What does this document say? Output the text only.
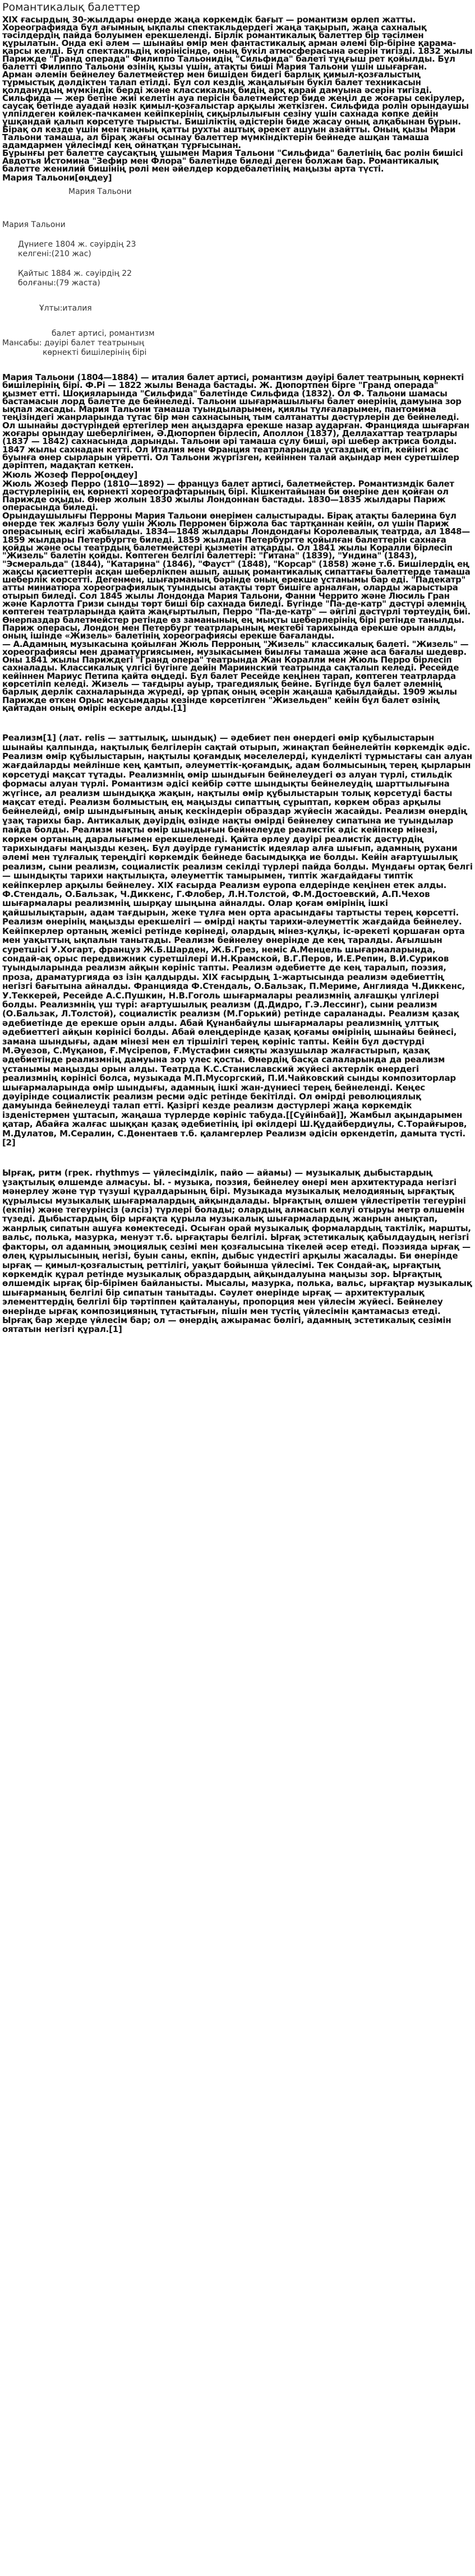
Романтикалық балеттер

XIX ғасырдың 30-жылдары өнерде жаңа көркемдік бағыт — романтизм өрлеп жатты. Хореографияда бұл ағымның ықпалы спектакльдердегі жаңа тақырып, жаңа сахналық тәсілдердің пайда болуымен ерекшеленді. Бірлік романтикалық балеттер бір тәсілмен құрылатын. Онда екі әлем — шынайы өмір мен фантастикалық арман әлемі бір-біріне қарама-қарсы келді. Бұл спектакльдің көрінісінде, оның бүкіл атмосферасына әсерін тигізді. 1832 жылы Парижде "Гранд операда" Филиппо Тальонидің "Сильфида" балеті тұңғыш рет қойылды. Бұл балетті Филиппо Тальони өзінің қызы үшін, атақты биші Мария Тальони үшін шығарған.

Арман әлемін бейнелеу балетмейстер мен бишіден бидегі барлық қимыл-қозғалыстың тұрмыстық дәлдіктен талап етілді. Бұл сол кездің жаңалығын бүкіл балет техникасын қолданудың мүмкіндік берді және классикалық бидің арқ қарай дамуына әсерін тигізді.

Сильфида — жер бетіне жиі келетін ауа перісін балетмейстер биде жеңіл де жоғары секірулер, саусақ бетінде ауадай нәзік қимыл-қозғалыстар арқылы жеткізген. Сильфида ролін орындаушы үлпілдеген көйлек-пачкамен кейіпкерінің сиқырлылығын сезіну үшін сахнада көпке дейін ұшқандай қалып көрсетуге тырысты. Бишіліктің әдістерін биде жасау оның алқабынан бұрын. Бірақ ол кезде үшін мен таңның қатты рухты аштық әрекет ашуын азайтты. Оның қызы Мари Тальони тамаша, ал бірақ жағы осынау балеттер мүмкіндіктерін бейнеде ашқан тамаша адамдармен үйлесімді кең ойнатқан тұрғысынан.

Бұрынғы рет балетте саусақтың ұшымен Мария Тальони "Сильфида" балетінің бас ролін бишісі Авдотья Истомина "Зефир мен Флора" балетінде биледі деген болжам бар. Романтикалық балетте женилий бишінің рөлі мен әйелдер кордебалетінің маңызы арта түсті.

Мария Тальони[өңдеу]

Мария Тальони
Мария Тальони
Дүниеге 1804 ж. сәуірдің 23
келгені:(210 жас)
Қайтыс 1884 ж. сәуірдің 22
болғаны:(79 жаста)
Ұлты:италия
балет артисі, романтизм
Мансабы: дәуірі балет театрының
көрнекті бишілерінің бірі

Мария Тальони (1804—1884) — италия балет артисі, романтизм дәуірі балет театрының көрнекті бишілерінің бірі. Ф.Рі — 1822 жылы Венада бастады. Ж. Дюпортпен бірге "Гранд операда" қызмет етті. Шоқияларында "Сильфида" балетінде Сильфида (1832). Ол Ф. Тальони шамасы бастамасын лорд балетте де бейнеледі. Тальони шығармашылығы балет өнерінің дамуына зор ықпал жасады. Мария Тальони тамаша туындыларымен, қиялы тұлғаларымен, пантомима теңізіндегі жанрларында тұтас бір мән сахнасының тым салтанатты дәстүрлерін де бейнеледі. Ол шынайы дәстүріндей ертегілер мен аңыздарға ерекше назар аударған. Францияда шығарған жоғары орындау шеберлігімен, Ә.Дюпорпен бірлесіп, Аполлон (1837), Деллахаттар театрлары (1837 — 1842) сахнасында дарынды. Тальони әрі тамаша сұлу биші, әрі шебер актриса болды. 1847 жылы сахнадан кетті. Ол Италия мен Франция театрларында ұстаздық етіп, кейінгі жас буынға өнер сырларын үйретті. Ол Тальони жүргізген, кейіннен талай ақындар мен суретшілер дәріптеп, мадақтап кеткен.

Жюль Жозеф Перро[өңдеу]

Жюль Жозеф Перро (1810—1892) — француз балет артисі, балетмейстер. Романтизмдік балет дәстүрлерінің ең көрнекті хореографтарының бірі. Кішкентайынан би өнеріне ден қойған ол Парижде оқыды. Өнер жолын 1830 жылы Лондоннан бастады. 1830—1835 жылдары Париж операсында биледі.

Орындаушылығы Перроны Мария Тальони өнерімен салыстырады. Бірақ атақты балерина бұл өнерде тек жалғыз болу үшін Жюль Перромен біржола бас тартқаннан кейін, ол үшін Париж операсының есігі жабылады. 1834—1848 жылдары Лондондағы Королевалық театрда, ал 1848—1859 жылдары Петербургте биледі. 1859 жылдан Петербургте қойылған балеттерін сахнаға қойды және осы театрдың балетмейстері қызметін атқарды. Ол 1841 жылы Коралли бірлесіп "Жизель" балетін қойды. Көптеген белгілі балеттері: "Гитана" (1839), "Ундина" (1843), "Эсмеральда" (1844), "Катарина" (1846), "Фауст" (1848), "Корсар" (1858) және т.б. Бишілердің ең жақсы қасиеттерін асқан шеберлікпен ашып, ашық романтикалық сипаттағы балеттерде тамаша шеберлік көрсетті. Дегенмен, шығарманың бәрінде оның ерекше ұстанымы бар еді. "Падекатр" атты миниатюра хореографиялық туындысы атақты төрт бишіге арналған, оларды жарыстыра отырып биледі. Сол 1845 жылы Лондонда Мария Тальони, Фанни Черрито және Люсиль Гран және Карлотта Гризи сынды төрт биші бір сахнада биледі. Бүгінде "Па-де-катр" дәстүрі әлемнің көптеген театрларында қайта жаңғыртылып, Перро "Па-де-катр" — әйгілі дәстүрлі төртеудің биі. Өнерпаздар балетмейстер ретінде өз заманының ең мықты шеберлерінің бірі ретінде танылды. Париж операсы, Лондон мен Петербург театрларының мектебі тарихында ерекше орын алды, оның ішінде «Жизель» балетінің хореографиясы ерекше бағаланды.

— А.Адамның музыкасына қойылған Жюль Перроның "Жизель" классикалық балеті. "Жизель" — хореографиясы мен драматургиясымен, музыкасымен биылғы тамаша және аса бағалы шедевр. Оны 1841 жылы Париждегі "Гранд опера" театрында Жан Коралли мен Жюль Перро бірлесіп сахналады. Классикалық үлгісі бүгінге дейін Мариинский театрында сақталып келеді. Ресейде кейіннен Мариус Петипа қайта өңдеді. Бұл балет Ресейде кеңінен тарап, көптеген театрларда көрсетіліп келеді. Жизель — тағдыры ауыр, трагедиялық бейне. Бүгінде бұл балет әлемнің барлық дерлік сахналарында жүреді, әр ұрпақ оның әсерін жаңаша қабылдайды. 1909 жылы Парижде өткен Орыс маусымдары кезінде көрсетілген "Жизельден" кейін бұл балет өзінің қайтадан оның өмірін ескере алды.[1]

Реализм[1] (лат. relis — заттылық, шындық) — әдебиет пен өнердегі өмір құбылыстарын шынайы қалпында, нақтылық белгілерін сақтай отырып, жинақтап бейнелейтін көркемдік әдіс. Реализм өмір құбылыстарын, нақтылы қоғамдық мәселелерді, күнделікті тұрмыстағы сан алуан жағдайларды мейлінше кең қамтып, әлеуметтік-қоғамдық, адам болмысының терең қырларын көрсетуді мақсат тұтады. Реализмнің өмір шындығын бейнелеудегі өз алуан түрлі, стильдік формасы алуан түрлі. Романтизм әдісі кейбір сәтте шындықты бейнелеудің шарттылығына жүгінсе, ал реализм шындыққа жақын, нақтылы өмір құбылыстарын толық көрсетуді басты мақсат етеді. Реализм болмыстың ең маңызды сипаттың сұрыптап, көркем образ арқылы бейнелейді, өмір шындығының анық кескіндерін образдар жүйесін жасайды. Реализм өнердің ұзақ тарихы бар. Антикалық дәуірдің өзінде нақты өмірді бейнелеу сипатына ие туындылар пайда болды. Реализм нақты өмір шындығын бейнелеуде реалистік әдіс кейіпкер мінезі, көркем ортаның даралығымен ерекшеленеді. Қайта өрлеу дәуірі реалистік дәстүрдің тарихындағы маңызды кезең. Бұл дәуірде гуманистік идеялар алға шығып, адамның рухани әлемі мен тұлғалық тереңдігі көркемдік бейнеде басымдыққа ие болды. Кейін ағартушылық реализм, сыни реализм, социалистік реализм секілді түрлері пайда болды. Мұндағы ортақ белгі — шындықты тарихи нақтылықта, әлеуметтік тамырымен, типтік жағдайдағы типтік кейіпкерлер арқылы бейнелеу. XIX ғасырда Реализм еуропа елдерінде кеңінен етек алды. Ф.Стендаль, О.Бальзак, Ч.Диккенс, Г.Флобер, Л.Н.Толстой, Ф.М.Достоевский, А.П.Чехов шығармалары реализмнің шырқау шыңына айналды. Олар қоғам өмірінің ішкі қайшылықтарын, адам тағдырын, жеке тұлға мен орта арасындағы тартысты терең көрсетті. Реализм өнерінің маңызды ерекшелігі — өмірді нақты тарихи-әлеуметтік жағдайда бейнелеу. Кейіпкерлер ортаның жемісі ретінде көрінеді, олардың мінез-құлқы, іс-әрекеті қоршаған орта мен уақыттың ықпалын танытады. Реализм бейнелеу өнерінде де кең таралды. Ағылшын суретшісі У.Хогарт, француз Ж.Б.Шарден, Ж.Б.Грез, неміс А.Менцель шығармаларында, сондай-ақ орыс передвижник суретшілері И.Н.Крамской, В.Г.Перов, И.Е.Репин, В.И.Суриков туындыларында реализм айқын көрініс тапты. Реализм әдебиетте де кең таралып, поэзия, проза, драматургияда өз ізін қалдырды. XIX ғасырдың 1-жартысында реализм әдебиеттің негізгі бағытына айналды. Францияда Ф.Стендаль, О.Бальзак, П.Мериме, Англияда Ч.Диккенс, У.Теккерей, Ресейде А.С.Пушкин, Н.В.Гоголь шығармалары реализмнің алғашқы үлгілері болды. Реализмнің үш түрі: ағартушылық реализм (Д.Дидро, Г.Э.Лессинг), сыни реализм (О.Бальзак, Л.Толстой), социалистік реализм (М.Горький) ретінде сараланады. Реализм қазақ әдебиетінде де ерекше орын алды. Абай Құнанбайұлы шығармалары реализмнің ұлттық әдебиеттегі айқын көрінісі болды. Абай өлеңдерінде қазақ қоғамы өмірінің шынайы бейнесі, замана шындығы, адам мінезі мен ел тіршілігі терең көрініс тапты. Кейін бұл дәстүрді М.Әуезов, С.Мұқанов, Ғ.Мүсірепов, Ғ.Мұстафин сияқты жазушылар жалғастырып, қазақ әдебиетінде реализмнің дамуына зор үлес қосты. Өнердің басқа салаларында да реализм ұстанымы маңызды орын алды. Театрда К.С.Станиславский жүйесі актерлік өнердегі реализмнің көрінісі болса, музыкада М.П.Мусоргский, П.И.Чайковский сынды композиторлар шығармаларында өмір шындығы, адамның ішкі жан-дүниесі терең бейнеленді. Кеңес дәуірінде социалистік реализм ресми әдіс ретінде бекітілді. Ол өмірді революциялық дамуында бейнелеуді талап етті. Қазіргі кезде реализм дәстүрлері жаңа көркемдік ізденістермен ұштасып, жаңаша түрлерде көрініс табуда.[[Сұйінбай]], Жамбыл ақындарымен қатар, Абайға жалғас шыққан қазақ әдебиетінің ірі өкілдері Ш.Құдайбердиұлы, С.Торайғыров, М.Дулатов, М.Сералин, С.Дөнентаев т.б. қаламгерлер Реализм әдісін өркендетіп, дамыта түсті.[2]

Ырғақ, ритм (грек. rhythmys — үйлесімділік, пайо — айамы) — музыкалық дыбыстардың ұзақтылық өлшемде алмасуы. Ы. - музыка, поэзия, бейнелеу өнері мен архитектурада негізгі мәнерлеу және түр түзуші құралдарының бірі. Музыкада музыкалық мелодияның ырғақтық құрылысы музыкалық шығармалардың айқындалады. Ырғақтың өлшем үйлестіретін тегеуріні (екпін) және тегеурінсіз (әлсіз) түрлері болады; олардың алмасып келуі отыруы метр өлшемін түзеді. Дыбыстардың бір ырғақта құрыла музыкалық шығармалардың жанрын анықтап, жанрлық сипатын ашуға көмектеседі. Осыған орай музыкалық формалардың тактілік, маршты, вальс, полька, мазурка, менуэт т.б. ырғақтары белгілі. Ырғақ эстетикалық қабылдаудың негізгі факторы, ол адамның эмоциялық сезімі мен қозғалысына тікелей әсер етеді. Поэзияда ырғақ — өлең құрылысының негізі, буын саны, екпін, дыбыс үндестігі арқылы жасалады. Би өнерінде ырғақ — қимыл-қозғалыстың реттілігі, уақыт бойынша үйлесімі. Тек Сондай-ақ, ырғақтың көркемдік құрал ретінде музыкалық образдардың айқындалуына маңызы зор. Ырғақтың өлшемдік ырғақ бір-бірімен байланысты. Мысалы, мазурка, полька, вальс, ырғақтар музыкалық шығарманың белгілі бір сипатын танытады. Сәулет өнерінде ырғақ — архитектуралық элементтердің белгілі бір тәртіппен қайталануы, пропорция мен үйлесім жүйесі. Бейнелеу өнерінде ырғақ композицияның тұтастығын, пішін мен түстің үйлесімін қамтамасыз етеді. Ырғақ бар жерде үйлесім бар; ол — өнердің ажырамас бөлігі, адамның эстетикалық сезімін оятатын негізгі құрал.[1]
